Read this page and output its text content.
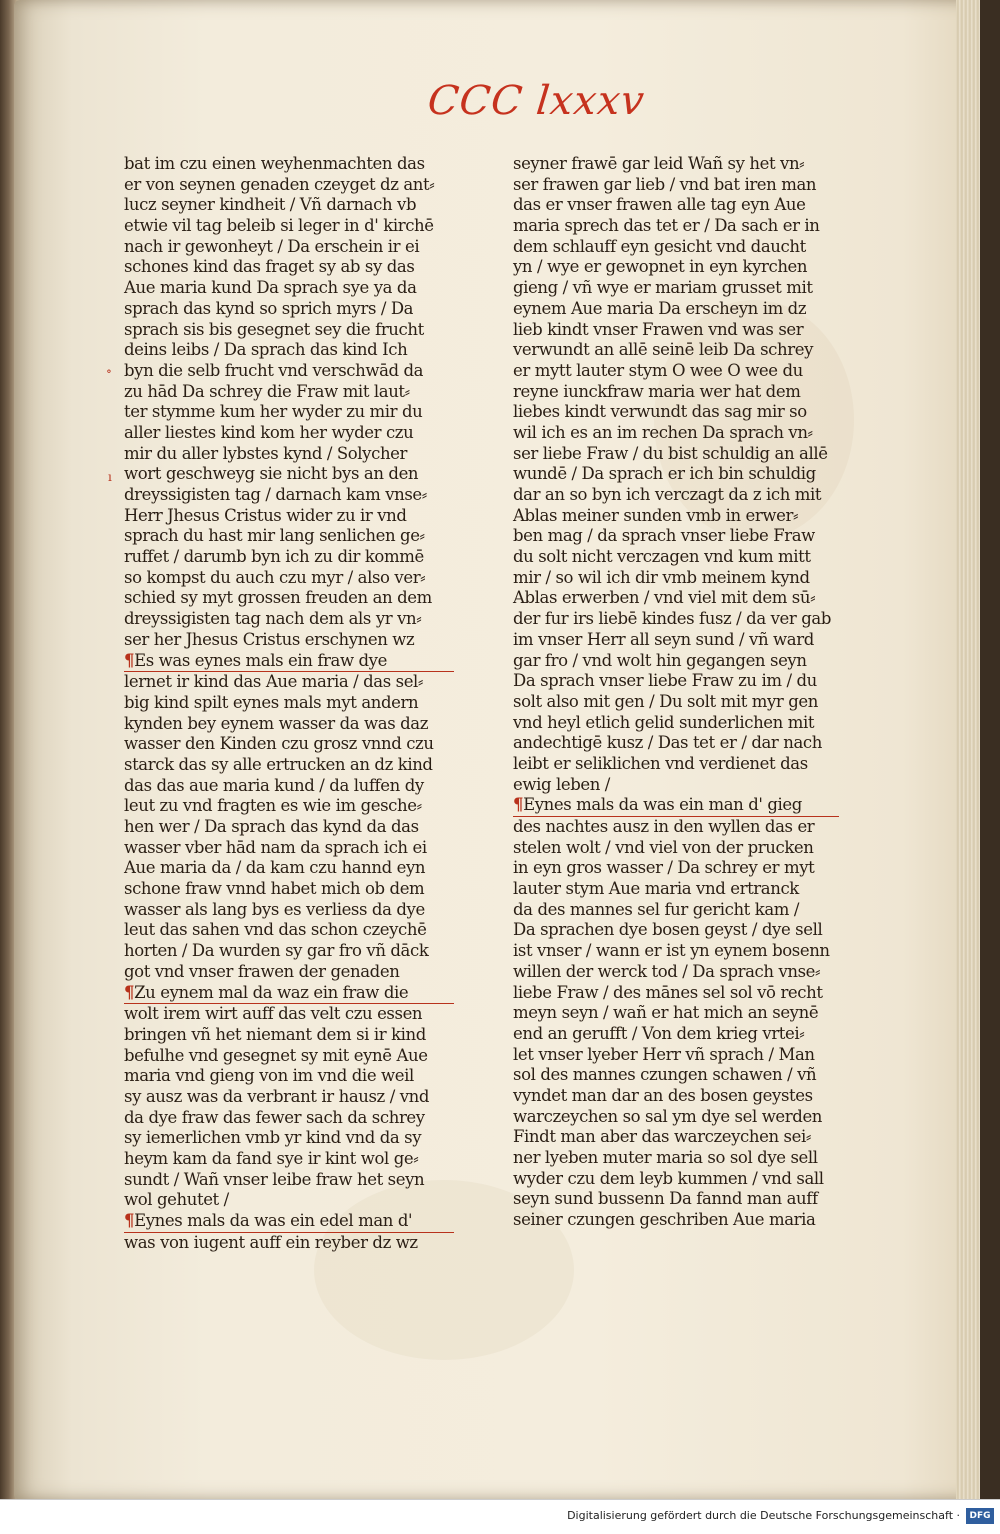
CCC lxxxv
∘
ı
bat im czu einen weyhenmachten das
er von seynen genaden czeyget dz ant⸗
lucz seyner kindheit / Vñ darnach vb
etwie vil tag beleib si leger in d' kirchē
nach ir gewonheyt / Da erschein ir ei
schones kind das fraget sy ab sy das
Aue maria kund Da sprach sye ya da
sprach das kynd so sprich myrs / Da
sprach sis bis gesegnet sey die frucht
deins leibs / Da sprach das kind Ich
byn die selb frucht vnd verschwād da
zu hād Da schrey die Fraw mit laut⸗
ter stymme kum her wyder zu mir du
aller liestes kind kom her wyder czu
mir du aller lybstes kynd / Solycher
wort geschweyg sie nicht bys an den
dreyssigisten tag / darnach kam vnse⸗
Herr Jhesus Cristus wider zu ir vnd
sprach du hast mir lang senlichen ge⸗
ruffet / darumb byn ich zu dir kommē
so kompst du auch czu myr / also ver⸗
schied sy myt grossen freuden an dem
dreyssigisten tag nach dem als yr vn⸗
ser her Jhesus Cristus erschynen wz
¶Es was eynes mals ein fraw dye
lernet ir kind das Aue maria / das sel⸗
big kind spilt eynes mals myt andern
kynden bey eynem wasser da was daz
wasser den Kinden czu grosz vnnd czu
starck das sy alle ertrucken an dz kind
das das aue maria kund / da luffen dy
leut zu vnd fragten es wie im gesche⸗
hen wer / Da sprach das kynd da das
wasser vber hād nam da sprach ich ei
Aue maria da / da kam czu hannd eyn
schone fraw vnnd habet mich ob dem
wasser als lang bys es verliess da dye
leut das sahen vnd das schon czeychē
horten / Da wurden sy gar fro vñ dāck
got vnd vnser frawen der genaden
¶Zu eynem mal da waz ein fraw die
wolt irem wirt auff das velt czu essen
bringen vñ het niemant dem si ir kind
befulhe vnd gesegnet sy mit eynē Aue
maria vnd gieng von im vnd die weil
sy ausz was da verbrant ir hausz / vnd
da dye fraw das fewer sach da schrey
sy iemerlichen vmb yr kind vnd da sy
heym kam da fand sye ir kint wol ge⸗
sundt / Wañ vnser leibe fraw het seyn
wol gehutet /
¶Eynes mals da was ein edel man d'
was von iugent auff ein reyber dz wz
seyner frawē gar leid Wañ sy het vn⸗
ser frawen gar lieb / vnd bat iren man
das er vnser frawen alle tag eyn Aue
maria sprech das tet er / Da sach er in
dem schlauff eyn gesicht vnd daucht
yn / wye er gewopnet in eyn kyrchen
gieng / vñ wye er mariam grusset mit
eynem Aue maria Da erscheyn im dz
lieb kindt vnser Frawen vnd was ser
verwundt an allē seinē leib Da schrey
er mytt lauter stym O wee O wee du
reyne iunckfraw maria wer hat dem
liebes kindt verwundt das sag mir so
wil ich es an im rechen Da sprach vn⸗
ser liebe Fraw / du bist schuldig an allē
wundē / Da sprach er ich bin schuldig
dar an so byn ich verczagt da z ich mit
Ablas meiner sunden vmb in erwer⸗
ben mag / da sprach vnser liebe Fraw
du solt nicht verczagen vnd kum mitt
mir / so wil ich dir vmb meinem kynd
Ablas erwerben / vnd viel mit dem sū⸗
der fur irs liebē kindes fusz / da ver gab
im vnser Herr all seyn sund / vñ ward
gar fro / vnd wolt hin gegangen seyn
Da sprach vnser liebe Fraw zu im / du
solt also mit gen / Du solt mit myr gen
vnd heyl etlich gelid sunderlichen mit
andechtigē kusz / Das tet er / dar nach
leibt er seliklichen vnd verdienet das
ewig leben /
¶Eynes mals da was ein man d' gieg
des nachtes ausz in den wyllen das er
stelen wolt / vnd viel von der prucken
in eyn gros wasser / Da schrey er myt
lauter stym Aue maria vnd ertranck
da des mannes sel fur gericht kam /
Da sprachen dye bosen geyst / dye sell
ist vnser / wann er ist yn eynem bosenn
willen der werck tod / Da sprach vnse⸗
liebe Fraw / des mānes sel sol vō recht
meyn seyn / wañ er hat mich an seynē
end an gerufft / Von dem krieg vrtei⸗
let vnser lyeber Herr vñ sprach / Man
sol des mannes czungen schawen / vñ
vyndet man dar an des bosen geystes
warczeychen so sal ym dye sel werden
Findt man aber das warczeychen sei⸗
ner lyeben muter maria so sol dye sell
wyder czu dem leyb kummen / vnd sall
seyn sund bussenn Da fannd man auff
seiner czungen geschriben Aue maria
Digitalisierung gefördert durch die Deutsche Forschungsgemeinschaft ·	DFG
